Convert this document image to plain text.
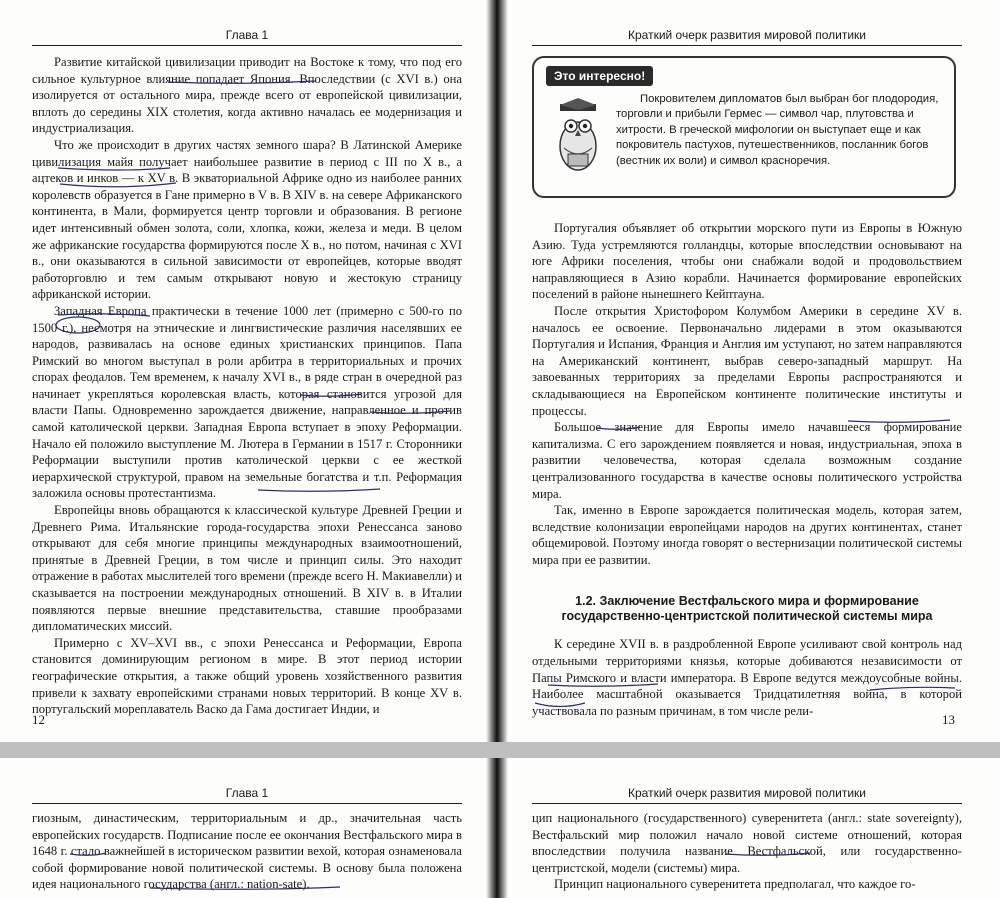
Глава 1

Развитие китайской цивилизации приводит на Востоке к тому, что под его сильное культурное влияние попадает Япония. Впоследствии (с XVI в.) она изолируется от остального мира, прежде всего от европейской цивилизации, вплоть до середины XIX столетия, когда активно началась ее модернизация и индустриализация.

Что же происходит в других частях земного шара? В Латинской Америке цивилизация майя получает наибольшее развитие в период с III по X в., а ацтеков и инков — к XV в. В экваториальной Африке одно из наиболее ранних королевств образуется в Гане примерно в V в. В XIV в. на севере Африканского континента, в Мали, формируется центр торговли и образования. В регионе идет интенсивный обмен золота, соли, хлопка, кожи, железа и меди. В целом же африканские государства формируются после X в., но потом, начиная с XVI в., они оказываются в сильной зависимости от европейцев, которые вводят работорговлю и тем самым открывают новую и жестокую страницу африканской истории.

Западная Европа практически в течение 1000 лет (примерно с 500-го по 1500 г.), несмотря на этнические и лингвистические различия населявших ее народов, развивалась на основе единых христианских принципов. Папа Римский во многом выступал в роли арбитра в территориальных и прочих спорах феодалов. Тем временем, к началу XVI в., в ряде стран в очередной раз начинает укрепляться королевская власть, которая становится угрозой для власти Папы. Одновременно зарождается движение, направленное и против самой католической церкви. Западная Европа вступает в эпоху Реформации. Начало ей положило выступление М. Лютера в Германии в 1517 г. Сторонники Реформации выступили против католической церкви с ее жесткой иерархической структурой, правом на земельные богатства и т.п. Реформация заложила основы протестантизма.

Европейцы вновь обращаются к классической культуре Древней Греции и Древнего Рима. Итальянские города-государства эпохи Ренессанса заново открывают для себя многие принципы международных взаимоотношений, принятые в Древней Греции, в том числе и принцип силы. Это находит отражение в работах мыслителей того времени (прежде всего Н. Макиавелли) и сказывается на построении международных отношений. В XIV в. в Италии появляются первые внешние представительства, ставшие прообразами дипломатических миссий.

Примерно с XV–XVI вв., с эпохи Ренессанса и Реформации, Европа становится доминирующим регионом в мире. В этот период истории географические открытия, а также общий уровень хозяйственного развития привели к захвату европейскими странами новых территорий. В конце XV в. португальский мореплаватель Васко да Гама достигает Индии, и

12
Краткий очерк развития мировой политики
Это интересно!
Покровителем дипломатов был выбран бог плодородия, торговли и прибыли Гермес — символ чар, плутовства и хитрости. В греческой мифологии он выступает еще и как покровитель пастухов, путешественников, посланник богов (вестник их воли) и символ красноречия.

Португалия объявляет об открытии морского пути из Европы в Южную Азию. Туда устремляются голландцы, которые впоследствии основывают на юге Африки поселения, чтобы они снабжали водой и продовольствием направляющиеся в Азию корабли. Начинается формирование европейских поселений в районе нынешнего Кейптауна.

После открытия Христофором Колумбом Америки в середине XV в. началось ее освоение. Первоначально лидерами в этом оказываются Португалия и Испания, Франция и Англия им уступают, но затем направляются на Американский континент, выбрав северо-западный маршрут. На завоеванных территориях за пределами Европы распространяются и складывающиеся на Европейском континенте политические институты и процессы.

Большое значение для Европы имело начавшееся формирование капитализма. С его зарождением появляется и новая, индустриальная, эпоха в развитии человечества, которая сделала возможным создание централизованного государства в качестве основы политического устройства мира.

Так, именно в Европе зарождается политическая модель, которая затем, вследствие колонизации европейцами народов на других континентах, станет общемировой. Поэтому иногда говорят о вестернизации политической системы мира при ее развитии.

1.2. Заключение Вестфальского мира и формирование государственно-центристской политической системы мира

К середине XVII в. в раздробленной Европе усиливают свой контроль над отдельными территориями князья, которые добиваются независимости от Папы Римского и власти императора. В Европе ведутся междоусобные войны. Наиболее масштабной оказывается Тридцатилетняя война, в которой участвовала по разным причинам, в том числе рели-

13
Глава 1

гиозным, династическим, территориальным и др., значительная часть европейских государств. Подписание после ее окончания Вестфальского мира в 1648 г. стало важнейшей в историческом развитии вехой, которая ознаменовала собой формирование новой политической системы. В основу была положена идея национального государства (англ.: nation-sate).

Краткий очерк развития мировой политики

цип национального (государственного) суверенитета (англ.: state sovereignty), Вестфальский мир положил начало новой системе отношений, которая впоследствии получила название Вестфальской, или государственно-центристской, модели (системы) мира.

Принцип национального суверенитета предполагал, что каждое го-
